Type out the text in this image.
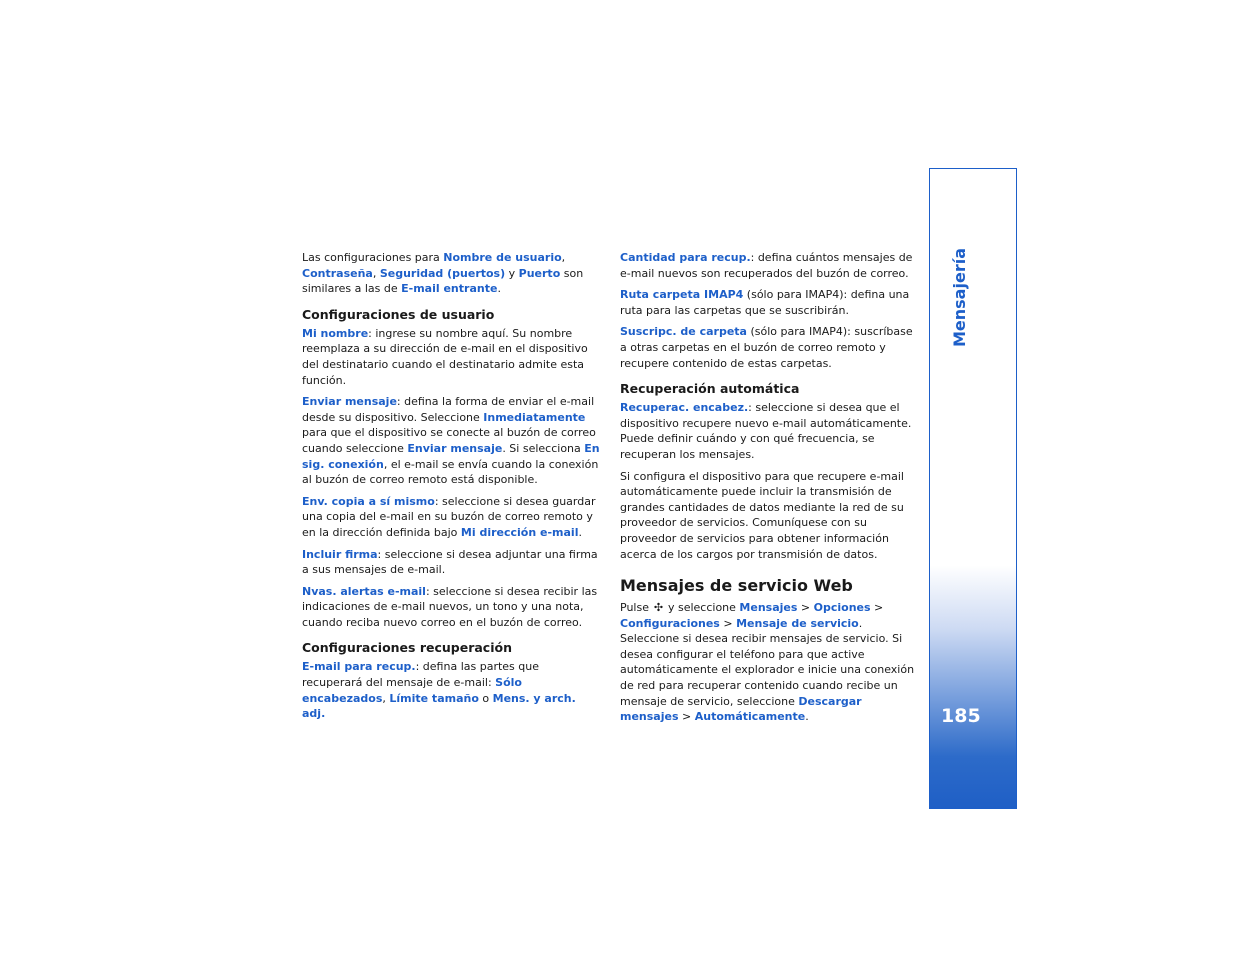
Las configuraciones para Nombre de usuario, Contraseña, Seguridad (puertos) y Puerto son similares a las de E-mail entrante.

Configuraciones de usuario

Mi nombre: ingrese su nombre aquí. Su nombre reemplaza a su dirección de e-mail en el dispositivo del destinatario cuando el destinatario admite esta función.

Enviar mensaje: defina la forma de enviar el e-mail desde su dispositivo. Seleccione Inmediatamente para que el dispositivo se conecte al buzón de correo cuando seleccione Enviar mensaje. Si selecciona En sig. conexión, el e-mail se envía cuando la conexión al buzón de correo remoto está disponible.

Env. copia a sí mismo: seleccione si desea guardar una copia del e-mail en su buzón de correo remoto y en la dirección definida bajo Mi dirección e-mail.

Incluir firma: seleccione si desea adjuntar una firma a sus mensajes de e-mail.

Nvas. alertas e-mail: seleccione si desea recibir las indicaciones de e-mail nuevos, un tono y una nota, cuando reciba nuevo correo en el buzón de correo.

Configuraciones recuperación

E-mail para recup.: defina las partes que recuperará del mensaje de e-mail: Sólo encabezados, Límite tamaño o Mens. y arch. adj.

Cantidad para recup.: defina cuántos mensajes de e-mail nuevos son recuperados del buzón de correo.

Ruta carpeta IMAP4 (sólo para IMAP4): defina una ruta para las carpetas que se suscribirán.

Suscripc. de carpeta (sólo para IMAP4): suscríbase a otras carpetas en el buzón de correo remoto y recupere contenido de estas carpetas.

Recuperación automática

Recuperac. encabez.: seleccione si desea que el dispositivo recupere nuevo e-mail automáticamente. Puede definir cuándo y con qué frecuencia, se recuperan los mensajes.

Si configura el dispositivo para que recupere e-mail automáticamente puede incluir la transmisión de grandes cantidades de datos mediante la red de su proveedor de servicios. Comuníquese con su proveedor de servicios para obtener información acerca de los cargos por transmisión de datos.

Mensajes de servicio Web

Pulse ✣ y seleccione Mensajes > Opciones > Configuraciones > Mensaje de servicio. Seleccione si desea recibir mensajes de servicio. Si desea configurar el teléfono para que active automáticamente el explorador e inicie una conexión de red para recuperar contenido cuando recibe un mensaje de servicio, seleccione Descargar mensajes > Automáticamente.

Mensajería
185
